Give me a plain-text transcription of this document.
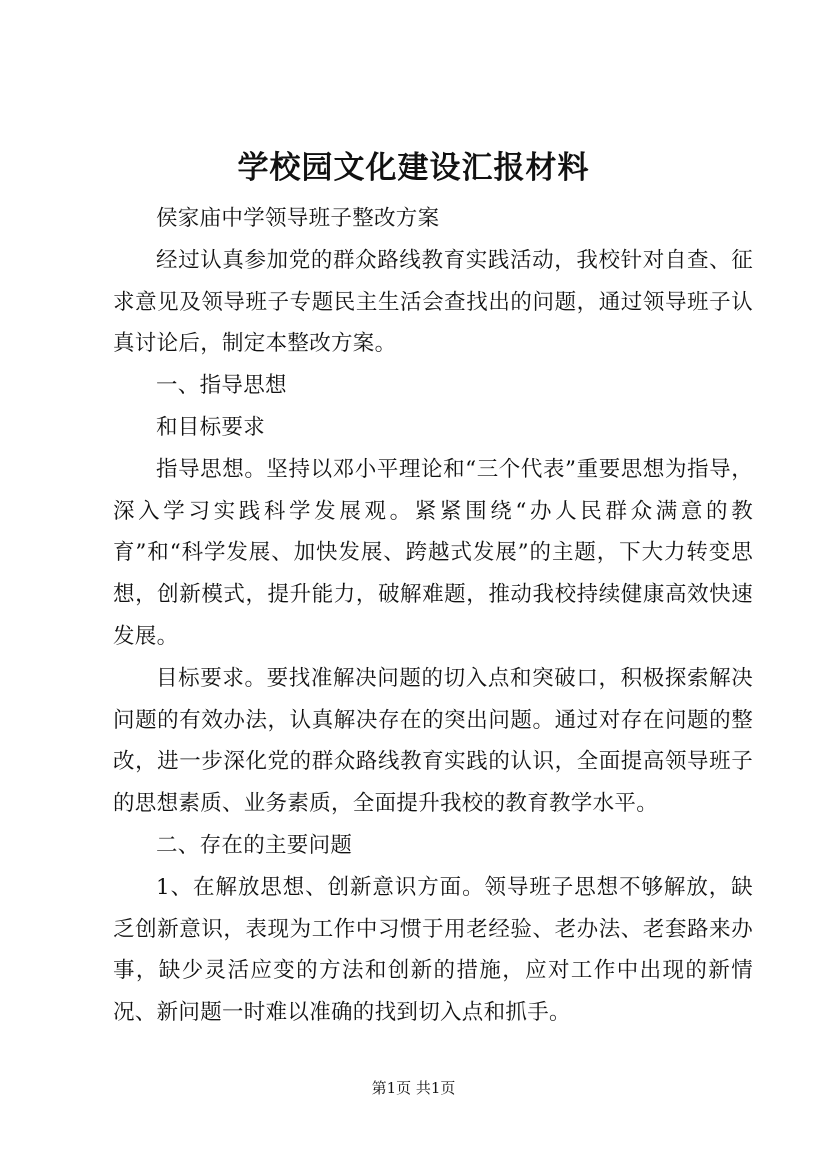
学校园文化建设汇报材料

侯家庙中学领导班子整改方案

经过认真参加党的群众路线教育实践活动，我校针对自查、征求意见及领导班子专题民主生活会查找出的问题，通过领导班子认真讨论后，制定本整改方案。

一、指导思想

和目标要求

指导思想。坚持以邓小平理论和“三个代表”重要思想为指导，深入学习实践科学发展观。紧紧围绕“办人民群众满意的教育”和“科学发展、加快发展、跨越式发展”的主题，下大力转变思想，创新模式，提升能力，破解难题，推动我校持续健康高效快速发展。

目标要求。要找准解决问题的切入点和突破口，积极探索解决问题的有效办法，认真解决存在的突出问题。通过对存在问题的整改，进一步深化党的群众路线教育实践的认识，全面提高领导班子的思想素质、业务素质，全面提升我校的教育教学水平。

二、存在的主要问题

1、在解放思想、创新意识方面。领导班子思想不够解放，缺乏创新意识，表现为工作中习惯于用老经验、老办法、老套路来办事，缺少灵活应变的方法和创新的措施，应对工作中出现的新情况、新问题一时难以准确的找到切入点和抓手。

第1页 共1页
